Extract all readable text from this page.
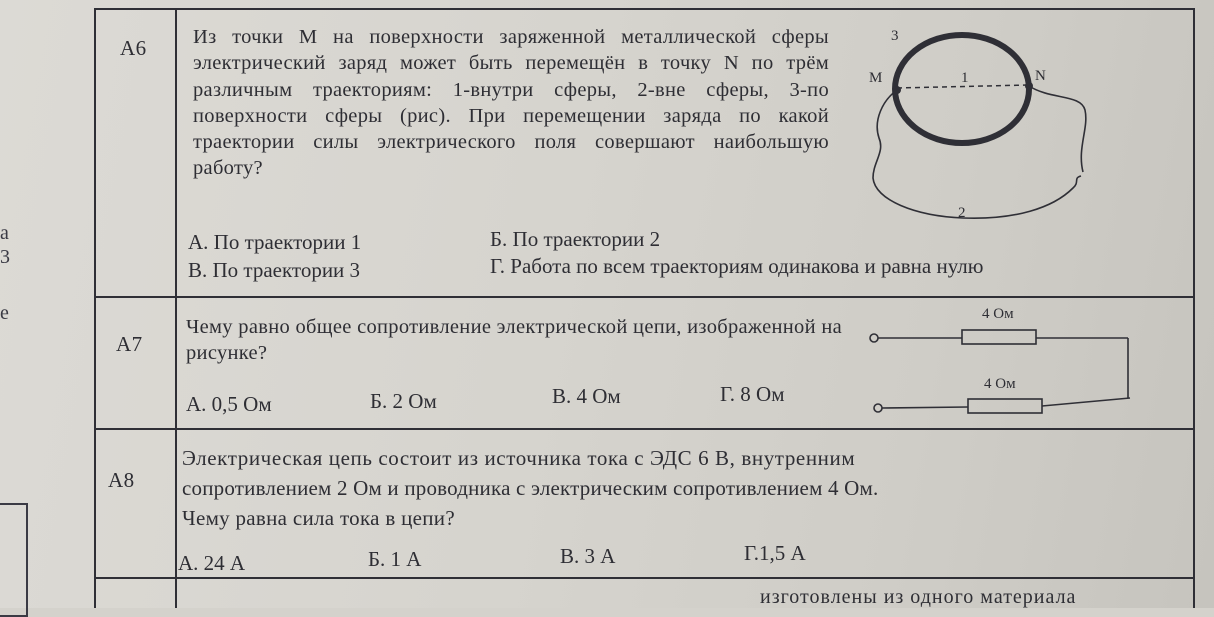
а
3
е
A6 Из точки М на поверхности заряженной металлической сферы электрический заряд может быть перемещён в точку N по трём различным траекториям: 1-внутри сферы, 2-вне сферы, 3-по поверхности сферы (рис). При перемещении заряда по какой траектории силы электрического поля совершают наибольшую работу?
3
M	N
1
2
А. По траектории 1	Б. По траектории 2
В. По траектории 3	Г. Работа по всем траекториям одинакова и равна нулю
A7
Чему равно общее сопротивление электрической цепи, изображенной на рисунке?
4 Ом
4 Ом
А. 0,5 Ом	Б. 2 Ом	В. 4 Ом	Г. 8 Ом
A8
Электрическая цепь состоит из источника тока с ЭДС 6 В, внутренним
сопротивлением 2 Ом и проводника с электрическим сопротивлением 4 Ом.
Чему равна сила тока в цепи?
А. 24 А	Б. 1 А	В. 3 А	Г.1,5 А
изготовлены из одного материала
